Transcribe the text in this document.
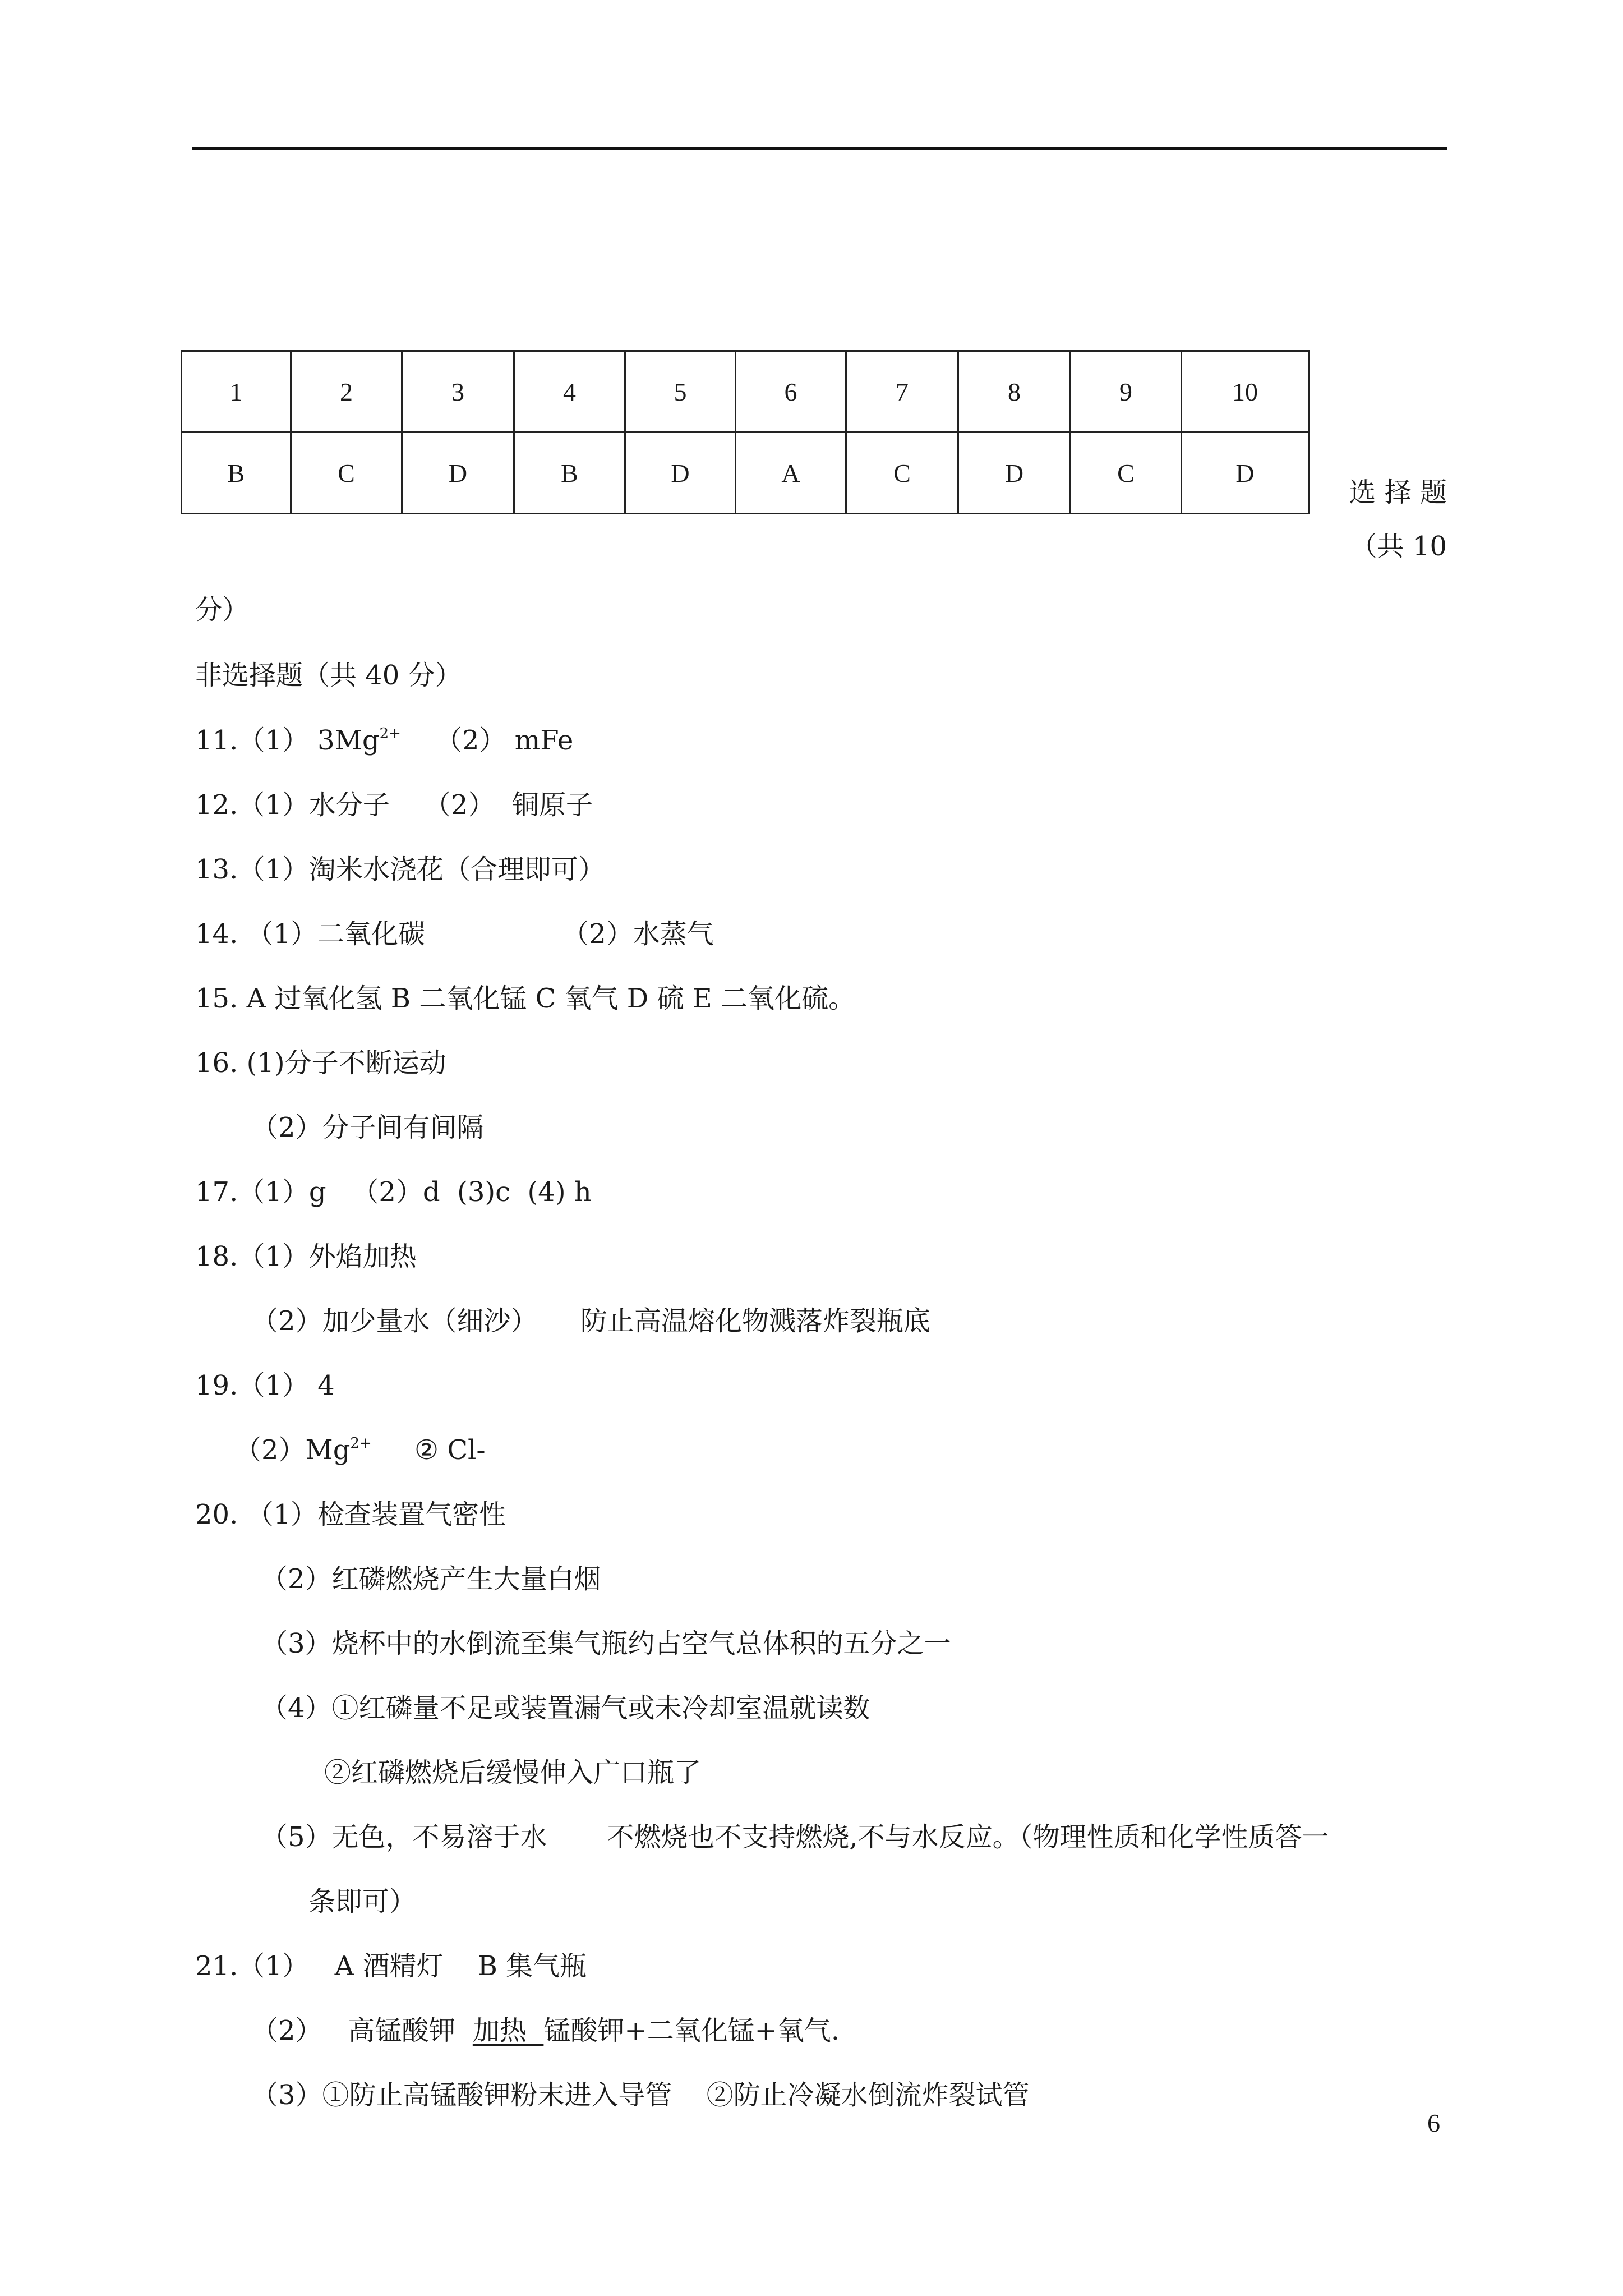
1	2	3	4	5	6	7	8	9	10
B	C	D	B	D	A	C	D	C	D
选 择 题
（共 10
分）
非选择题（共 40 分）
11.（1） $3Mg^{2+}$    （2） mFe
12.（1）水分子    （2）  铜原子
13.（1）淘米水浇花（合理即可）
14. （1）二氧化碳                （2）水蒸气
15. A 过氧化氢 B 二氧化锰 C 氧气 D 硫 E 二氧化硫。
16. (1)分子不断运动
（2）分子间有间隔
17.（1）g   （2）d  (3)c  (4) h
18.（1）外焰加热
（2）加少量水（细沙）     防止高温熔化物溅落炸裂瓶底
19.（1） 4
$(2)Mg^{2+}$     ② Cl-
20. （1）检查装置气密性
（2）红磷燃烧产生大量白烟
（3）烧杯中的水倒流至集气瓶约占空气总体积的五分之一
（4）①红磷量不足或装置漏气或未冷却室温就读数
②红磷燃烧后缓慢伸入广口瓶了
（5）无色，不易溶于水       不燃烧也不支持燃烧,不与水反应。（物理性质和化学性质答一
条即可）
21.（1）   A 酒精灯    B 集气瓶
（2）   高锰酸钾  加热  锰酸钾+二氧化锰+氧气.
（3）①防止高锰酸钾粉末进入导管    ②防止冷凝水倒流炸裂试管
6
